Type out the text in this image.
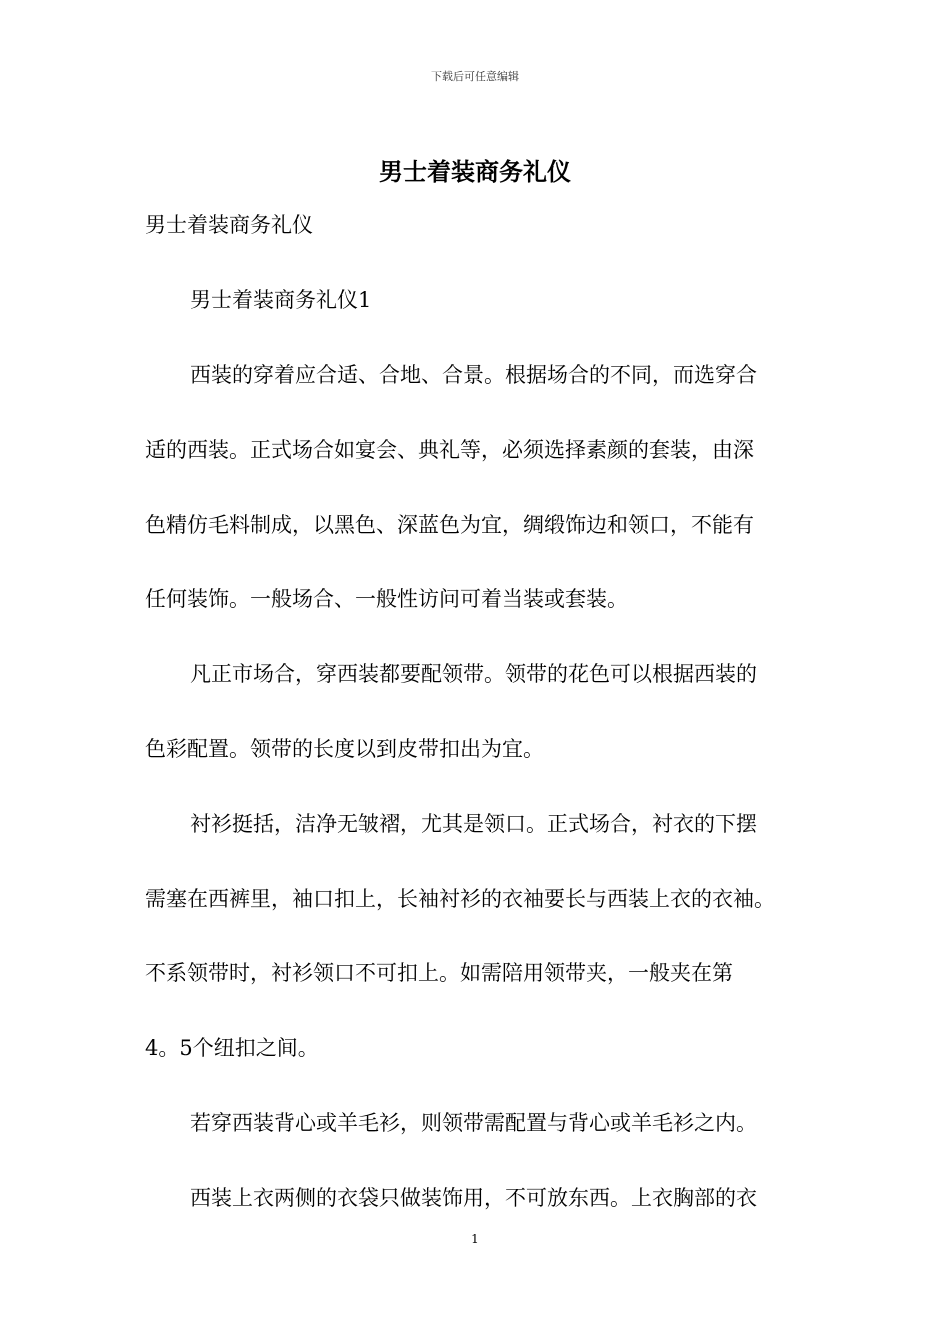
下载后可任意编辑
男士着装商务礼仪
男士着装商务礼仪
男士着装商务礼仪1
西装的穿着应合适、合地、合景。根据场合的不同，而选穿合
适的西装。正式场合如宴会、典礼等，必须选择素颜的套装，由深
色精仿毛料制成，以黑色、深蓝色为宜，绸缎饰边和领口，不能有
任何装饰。一般场合、一般性访问可着当装或套装。
凡正市场合，穿西装都要配领带。领带的花色可以根据西装的
色彩配置。领带的长度以到皮带扣出为宜。
衬衫挺括，洁净无皱褶，尤其是领口。正式场合，衬衣的下摆
需塞在西裤里，袖口扣上，长袖衬衫的衣袖要长与西装上衣的衣袖。
不系领带时，衬衫领口不可扣上。如需陪用领带夹，一般夹在第
4。5个纽扣之间。
若穿西装背心或羊毛衫，则领带需配置与背心或羊毛衫之内。
西装上衣两侧的衣袋只做装饰用，不可放东西。上衣胸部的衣
1
